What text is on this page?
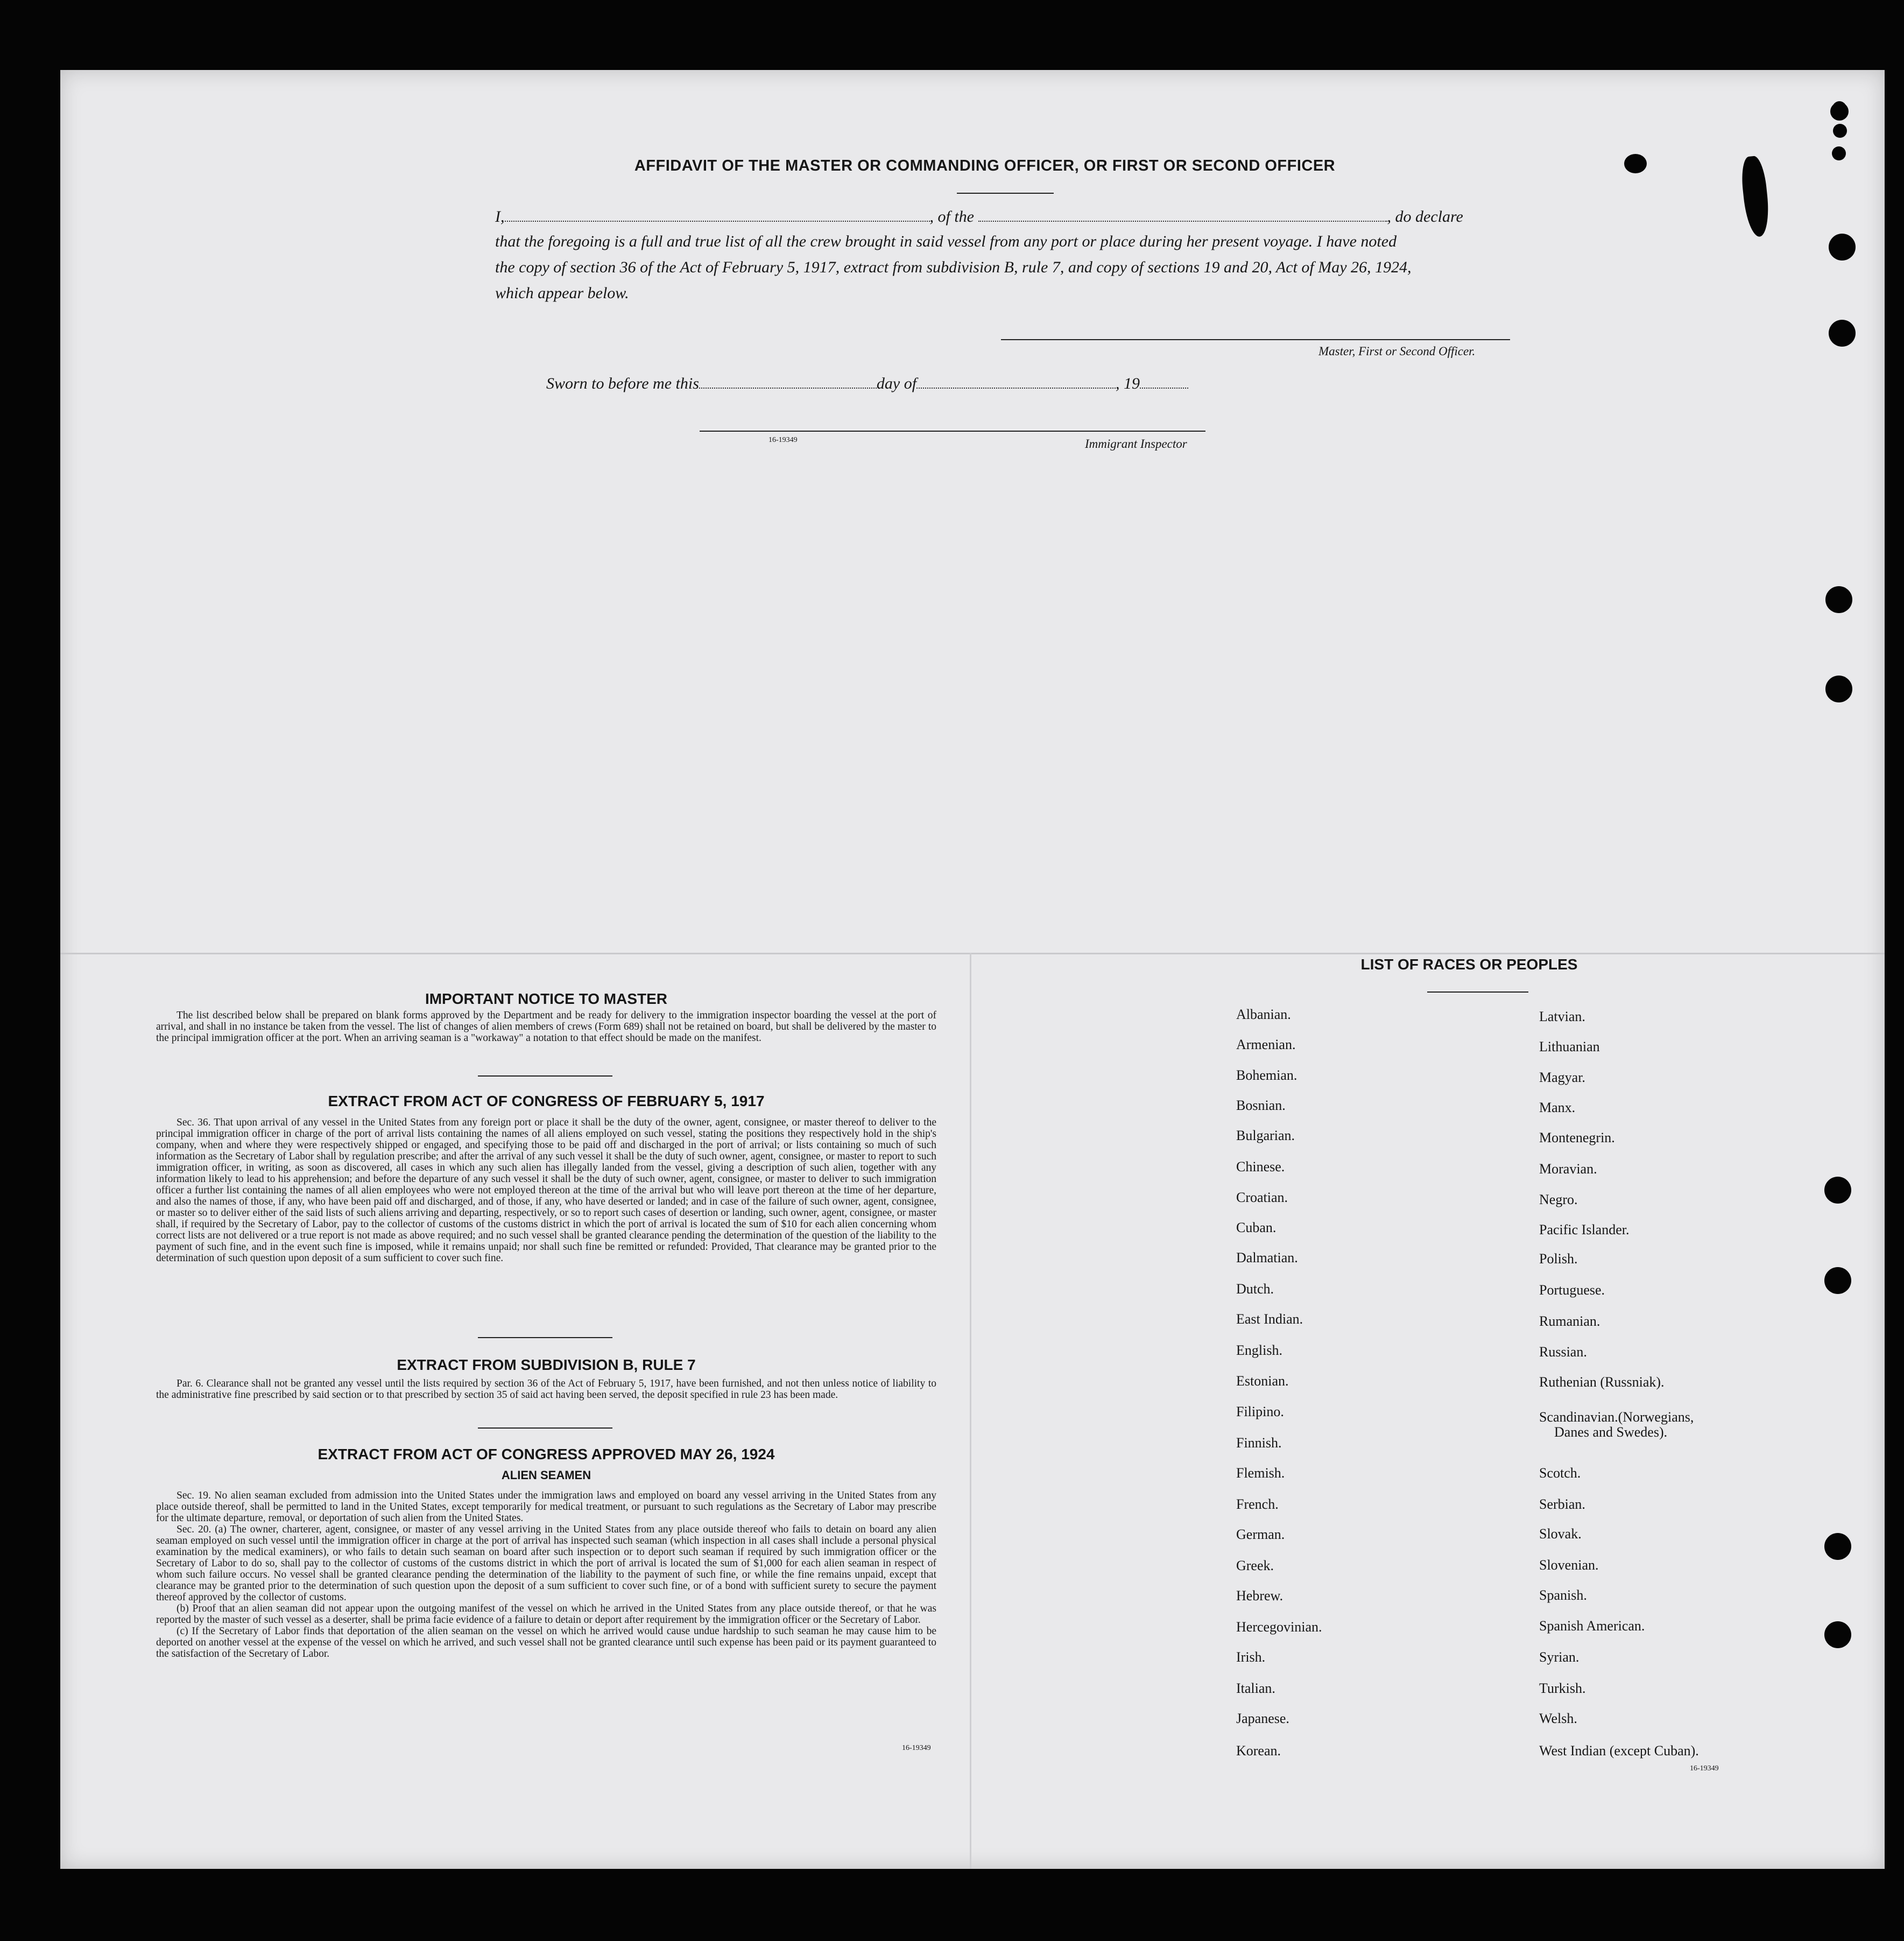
AFFIDAVIT OF THE MASTER OR COMMANDING OFFICER, OR FIRST OR SECOND OFFICER
I,	, of the	, do declare
that the foregoing is a full and true list of all the crew brought in said vessel from any port or place during her present voyage. I have noted
the copy of section 36 of the Act of February 5, 1917, extract from subdivision B, rule 7, and copy of sections 19 and 20, Act of May 26, 1924,
which appear below.
Master, First or Second Officer.
Sworn to before me this	day of	, 19
16-19349	Immigrant Inspector
IMPORTANT NOTICE TO MASTER

The list described below shall be prepared on blank forms approved by the Department and be ready for delivery to the immigration inspector boarding the vessel at the port of arrival, and shall in no instance be taken from the vessel. The list of changes of alien members of crews (Form 689) shall not be retained on board, but shall be delivered by the master to the principal immigration officer at the port. When an arriving seaman is a "workaway" a notation to that effect should be made on the manifest.

EXTRACT FROM ACT OF CONGRESS OF FEBRUARY 5, 1917

Sec. 36. That upon arrival of any vessel in the United States from any foreign port or place it shall be the duty of the owner, agent, consignee, or master thereof to deliver to the principal immigration officer in charge of the port of arrival lists containing the names of all aliens employed on such vessel, stating the positions they respectively hold in the ship's company, when and where they were respectively shipped or engaged, and specifying those to be paid off and discharged in the port of arrival; or lists containing so much of such information as the Secretary of Labor shall by regulation prescribe; and after the arrival of any such vessel it shall be the duty of such owner, agent, consignee, or master to report to such immigration officer, in writing, as soon as discovered, all cases in which any such alien has illegally landed from the vessel, giving a description of such alien, together with any information likely to lead to his apprehension; and before the departure of any such vessel it shall be the duty of such owner, agent, consignee, or master to deliver to such immigration officer a further list containing the names of all alien employees who were not employed thereon at the time of the arrival but who will leave port thereon at the time of her departure, and also the names of those, if any, who have been paid off and discharged, and of those, if any, who have deserted or landed; and in case of the failure of such owner, agent, consignee, or master so to deliver either of the said lists of such aliens arriving and departing, respectively, or so to report such cases of desertion or landing, such owner, agent, consignee, or master shall, if required by the Secretary of Labor, pay to the collector of customs of the customs district in which the port of arrival is located the sum of $10 for each alien concerning whom correct lists are not delivered or a true report is not made as above required; and no such vessel shall be granted clearance pending the determination of the question of the liability to the payment of such fine, and in the event such fine is imposed, while it remains unpaid; nor shall such fine be remitted or refunded: Provided, That clearance may be granted prior to the determination of such question upon deposit of a sum sufficient to cover such fine.

EXTRACT FROM SUBDIVISION B, RULE 7

Par. 6. Clearance shall not be granted any vessel until the lists required by section 36 of the Act of February 5, 1917, have been furnished, and not then unless notice of liability to the administrative fine prescribed by said section or to that prescribed by section 35 of said act having been served, the deposit specified in rule 23 has been made.

EXTRACT FROM ACT OF CONGRESS APPROVED MAY 26, 1924
ALIEN SEAMEN

Sec. 19. No alien seaman excluded from admission into the United States under the immigration laws and employed on board any vessel arriving in the United States from any place outside thereof, shall be permitted to land in the United States, except temporarily for medical treatment, or pursuant to such regulations as the Secretary of Labor may prescribe for the ultimate departure, removal, or deportation of such alien from the United States.

Sec. 20. (a) The owner, charterer, agent, consignee, or master of any vessel arriving in the United States from any place outside thereof who fails to detain on board any alien seaman employed on such vessel until the immigration officer in charge at the port of arrival has inspected such seaman (which inspection in all cases shall include a personal physical examination by the medical examiners), or who fails to detain such seaman on board after such inspection or to deport such seaman if required by such immigration officer or the Secretary of Labor to do so, shall pay to the collector of customs of the customs district in which the port of arrival is located the sum of $1,000 for each alien seaman in respect of whom such failure occurs. No vessel shall be granted clearance pending the determination of the liability to the payment of such fine, or while the fine remains unpaid, except that clearance may be granted prior to the determination of such question upon the deposit of a sum sufficient to cover such fine, or of a bond with sufficient surety to secure the payment thereof approved by the collector of customs.

(b) Proof that an alien seaman did not appear upon the outgoing manifest of the vessel on which he arrived in the United States from any place outside thereof, or that he was reported by the master of such vessel as a deserter, shall be prima facie evidence of a failure to detain or deport after requirement by the immigration officer or the Secretary of Labor.

(c) If the Secretary of Labor finds that deportation of the alien seaman on the vessel on which he arrived would cause undue hardship to such seaman he may cause him to be deported on another vessel at the expense of the vessel on which he arrived, and such vessel shall not be granted clearance until such expense has been paid or its payment guaranteed to the satisfaction of the Secretary of Labor.

16-19349
LIST OF RACES OR PEOPLES
Albanian.
Armenian.
Bohemian.
Bosnian.
Bulgarian.
Chinese.
Croatian.
Cuban.
Dalmatian.
Dutch.
East Indian.
English.
Estonian.
Filipino.
Finnish.
Flemish.
French.
German.
Greek.
Hebrew.
Hercegovinian.
Irish.
Italian.
Japanese.
Korean.
Latvian.
Lithuanian
Magyar.
Manx.
Montenegrin.
Moravian.
Negro.
Pacific Islander.
Polish.
Portuguese.
Rumanian.
Russian.
Ruthenian (Russniak).
Scandinavian.(Norwegians,
Danes and Swedes).
Scotch.
Serbian.
Slovak.
Slovenian.
Spanish.
Spanish American.
Syrian.
Turkish.
Welsh.
West Indian (except Cuban).
16-19349
